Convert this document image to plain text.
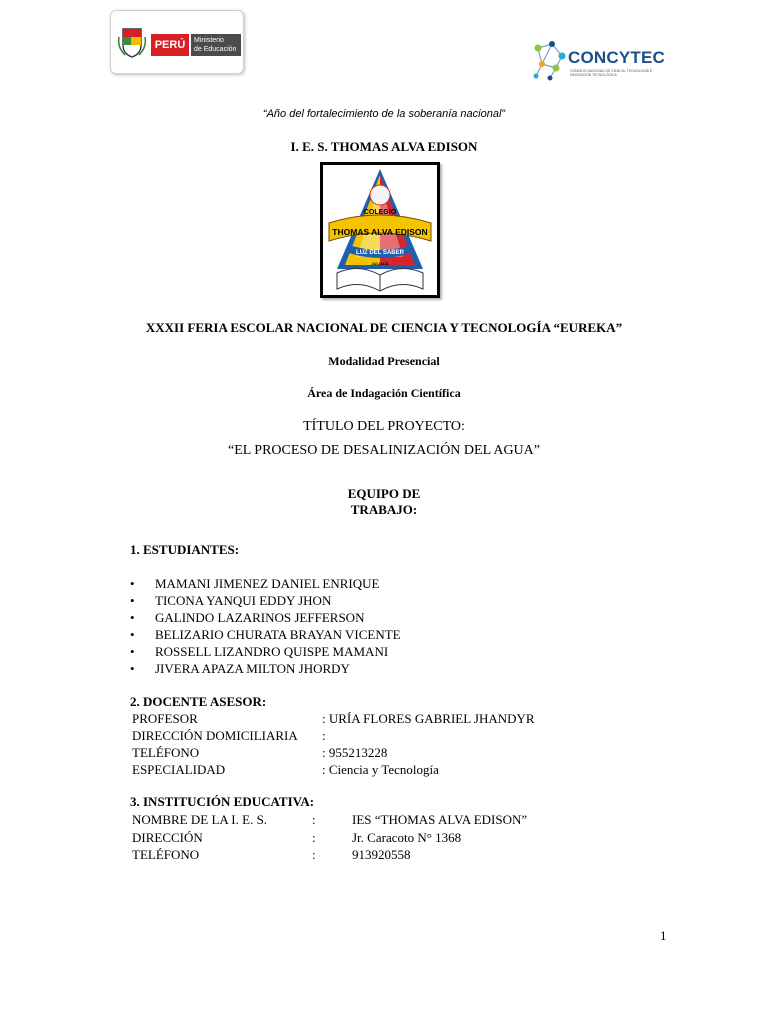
PERÚ	Ministerio
de Educación	CONCYTEC
CONSEJO NACIONAL DE CIENCIA, TECNOLOGÍA E INNOVACIÓN TECNOLÓGICA
“Año del fortalecimiento de la soberanía nacional”
I. E. S. THOMAS ALVA EDISON
COLEGIO
THOMAS ALVA EDISON
LUZ DEL SABER
JULIACA
XXXII FERIA ESCOLAR NACIONAL DE CIENCIA Y TECNOLOGÍA “EUREKA”
Modalidad Presencial
Área de Indagación Científica
TÍTULO DEL PROYECTO:
“EL PROCESO DE DESALINIZACIÓN DEL AGUA”
EQUIPO DE
TRABAJO:
1. ESTUDIANTES:
• MAMANI JIMENEZ DANIEL ENRIQUE
• TICONA YANQUI EDDY JHON
• GALINDO LAZARINOS JEFFERSON
• BELIZARIO CHURATA BRAYAN VICENTE
• ROSSELL LIZANDRO QUISPE MAMANI
• JIVERA APAZA MILTON JHORDY
2. DOCENTE ASESOR:
PROFESOR	: URÍA FLORES GABRIEL JHANDYR
DIRECCIÓN DOMICILIARIA :
TELÉFONO	: 955213228
ESPECIALIDAD	: Ciencia y Tecnología
3. INSTITUCIÓN EDUCATIVA:
NOMBRE DE LA I. E. S.	:	IES “THOMAS ALVA EDISON”
DIRECCIÓN	:	Jr. Caracoto N° 1368
TELÉFONO	:	913920558
1
